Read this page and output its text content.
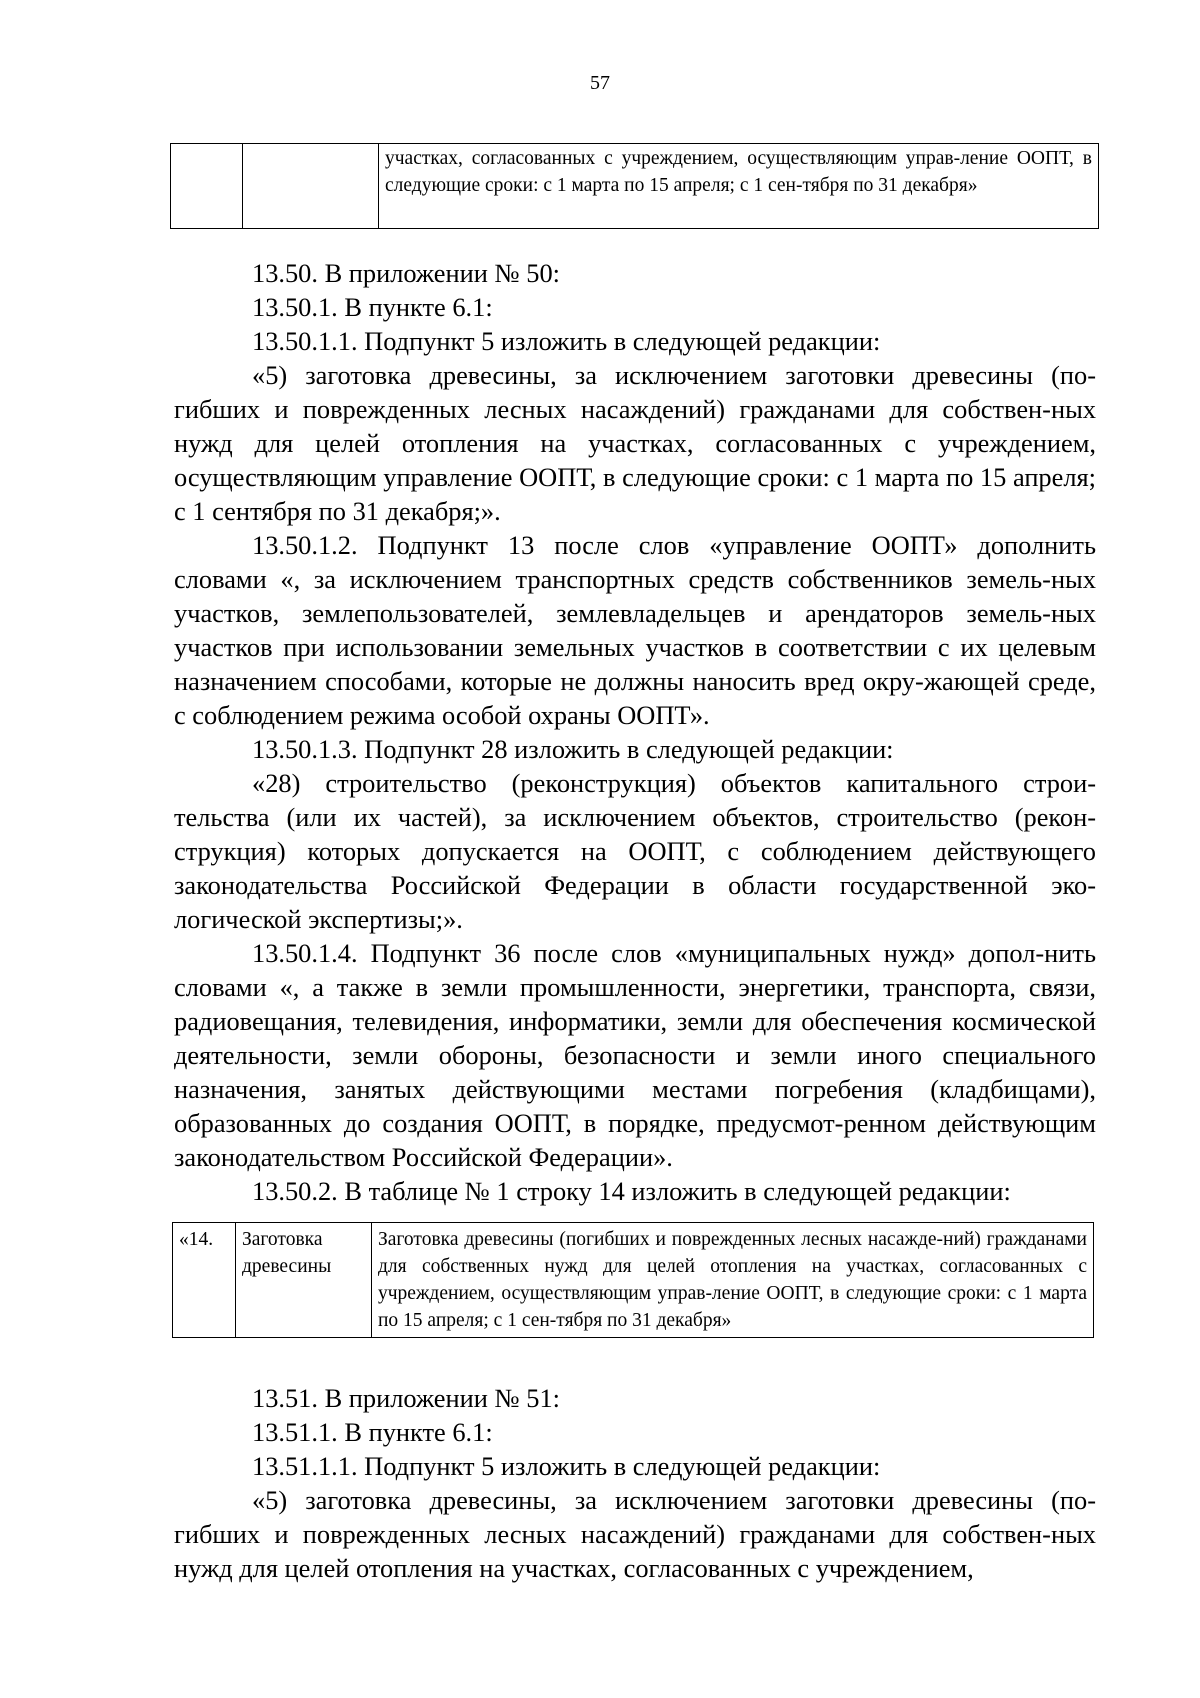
57
		участках, согласованных с учреждением, осуществляющим управ-ление ООПТ, в следующие сроки: с 1 марта по 15 апреля; с 1 сен-тября по 31 декабря»

13.50. В приложении № 50:

13.50.1. В пункте 6.1:

13.50.1.1. Подпункт 5 изложить в следующей редакции:

«5) заготовка древесины, за исключением заготовки древесины (по-гибших и поврежденных лесных насаждений) гражданами для собствен-ных нужд для целей отопления на участках, согласованных с учреждением, осуществляющим управление ООПТ, в следующие сроки: с 1 марта по 15 апреля; с 1 сентября по 31 декабря;».

13.50.1.2. Подпункт 13 после слов «управление ООПТ» дополнить словами «, за исключением транспортных средств собственников земель-ных участков, землепользователей, землевладельцев и арендаторов земель-ных участков при использовании земельных участков в соответствии с их целевым назначением способами, которые не должны наносить вред окру-жающей среде, с соблюдением режима особой охраны ООПТ».

13.50.1.3. Подпункт 28 изложить в следующей редакции:

«28) строительство (реконструкция) объектов капитального строи-тельства (или их частей), за исключением объектов, строительство (рекон-струкция) которых допускается на ООПТ, с соблюдением действующего законодательства Российской Федерации в области государственной эко-логической экспертизы;».

13.50.1.4. Подпункт 36 после слов «муниципальных нужд» допол-нить словами «, а также в земли промышленности, энергетики, транспорта, связи, радиовещания, телевидения, информатики, земли для обеспечения космической деятельности, земли обороны, безопасности и земли иного специального назначения, занятых действующими местами погребения (кладбищами), образованных до создания ООПТ, в порядке, предусмот-ренном действующим законодательством Российской Федерации».

13.50.2. В таблице № 1 строку 14 изложить в следующей редакции:

«14.	Заготовка древесины	Заготовка древесины (погибших и поврежденных лесных насажде-ний) гражданами для собственных нужд для целей отопления на участках, согласованных с учреждением, осуществляющим управ-ление ООПТ, в следующие сроки: с 1 марта по 15 апреля; с 1 сен-тября по 31 декабря»

13.51. В приложении № 51:

13.51.1. В пункте 6.1:

13.51.1.1. Подпункт 5 изложить в следующей редакции:

«5) заготовка древесины, за исключением заготовки древесины (по-гибших и поврежденных лесных насаждений) гражданами для собствен-ных нужд для целей отопления на участках, согласованных с учреждением,
